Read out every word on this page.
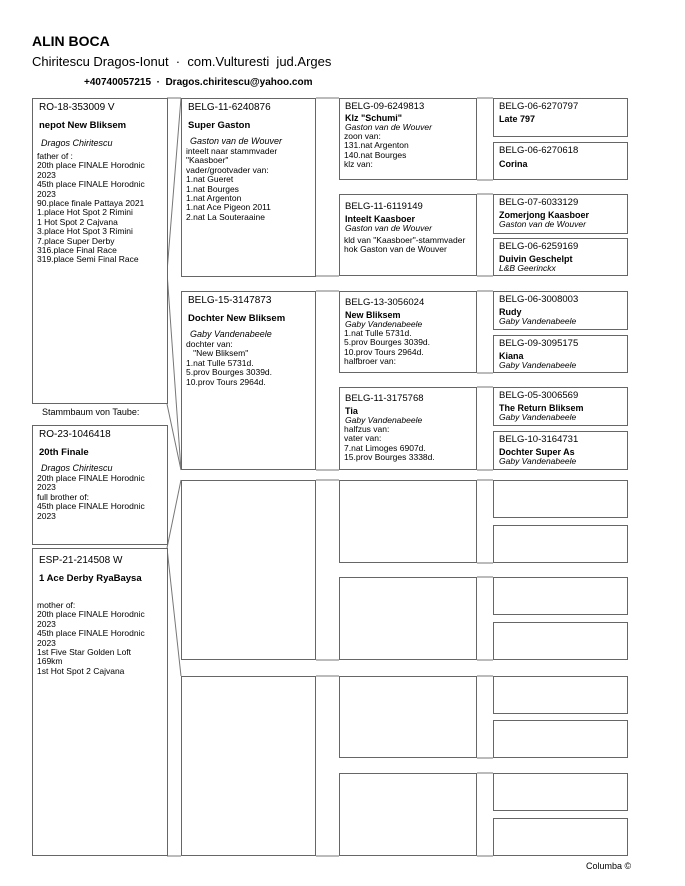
ALIN BOCA
Chiritescu Dragos-Ionut  ·  com.Vulturesti  jud.Arges
+40740057215  ·  Dragos.chiritescu@yahoo.com
RO-18-353009 V
nepot New Bliksem
Dragos Chiritescu
father of :
20th place FINALE Horodnic
2023
45th place FINALE Horodnic
2023
90.place finale Pattaya 2021
1.place Hot Spot 2 Rimini
1 Hot Spot 2 Cajvana
3.place Hot Spot 3 Rimini
7.place Super Derby
316.place Final Race
319.place Semi Final Race
Stammbaum von Taube:
RO-23-1046418
20th Finale
Dragos Chiritescu
20th place FINALE Horodnic
2023
full brother of:
45th place FINALE Horodnic
2023
ESP-21-214508 W
1 Ace Derby RyaBaysa
mother of:
20th place FINALE Horodnic
2023
45th place FINALE Horodnic
2023
1st Five Star Golden Loft
169km
1st Hot Spot 2 Cajvana
BELG-11-6240876
Super Gaston
Gaston van de Wouver
inteelt naar stammvader
"Kaasboer"
vader/grootvader van:
1.nat Gueret
1.nat Bourges
1.nat Argenton
1.nat Ace Pigeon 2011
2.nat La Souteraaine
BELG-15-3147873
Dochter New Bliksem
Gaby Vandenabeele
dochter van:
"New Bliksem"
1.nat Tulle 5731d.
5.prov Bourges 3039d.
10.prov Tours 2964d.
BELG-09-6249813
Klz "Schumi"
Gaston van de Wouver
zoon van:
131.nat Argenton
140.nat Bourges
klz van:
BELG-11-6119149
Inteelt Kaasboer
Gaston van de Wouver
kld van "Kaasboer"-stammvader
hok Gaston van de Wouver
BELG-13-3056024
New Bliksem
Gaby Vandenabeele
1.nat Tulle 5731d.
5.prov Bourges 3039d.
10.prov Tours 2964d.
halfbroer van:
BELG-11-3175768
Tia
Gaby Vandenabeele
halfzus van:
vater van:
7.nat Limoges 6907d.
15.prov Bourges 3338d.
BELG-06-6270797
Late 797
BELG-06-6270618
Corina
BELG-07-6033129
Zomerjong Kaasboer
Gaston van de Wouver
BELG-06-6259169
Duivin Geschelpt
L&B Geerinckx
BELG-06-3008003
Rudy
Gaby Vandenabeele
BELG-09-3095175
Kiana
Gaby Vandenabeele
BELG-05-3006569
The Return Bliksem
Gaby Vandenabeele
BELG-10-3164731
Dochter Super As
Gaby Vandenabeele
Columba ©
